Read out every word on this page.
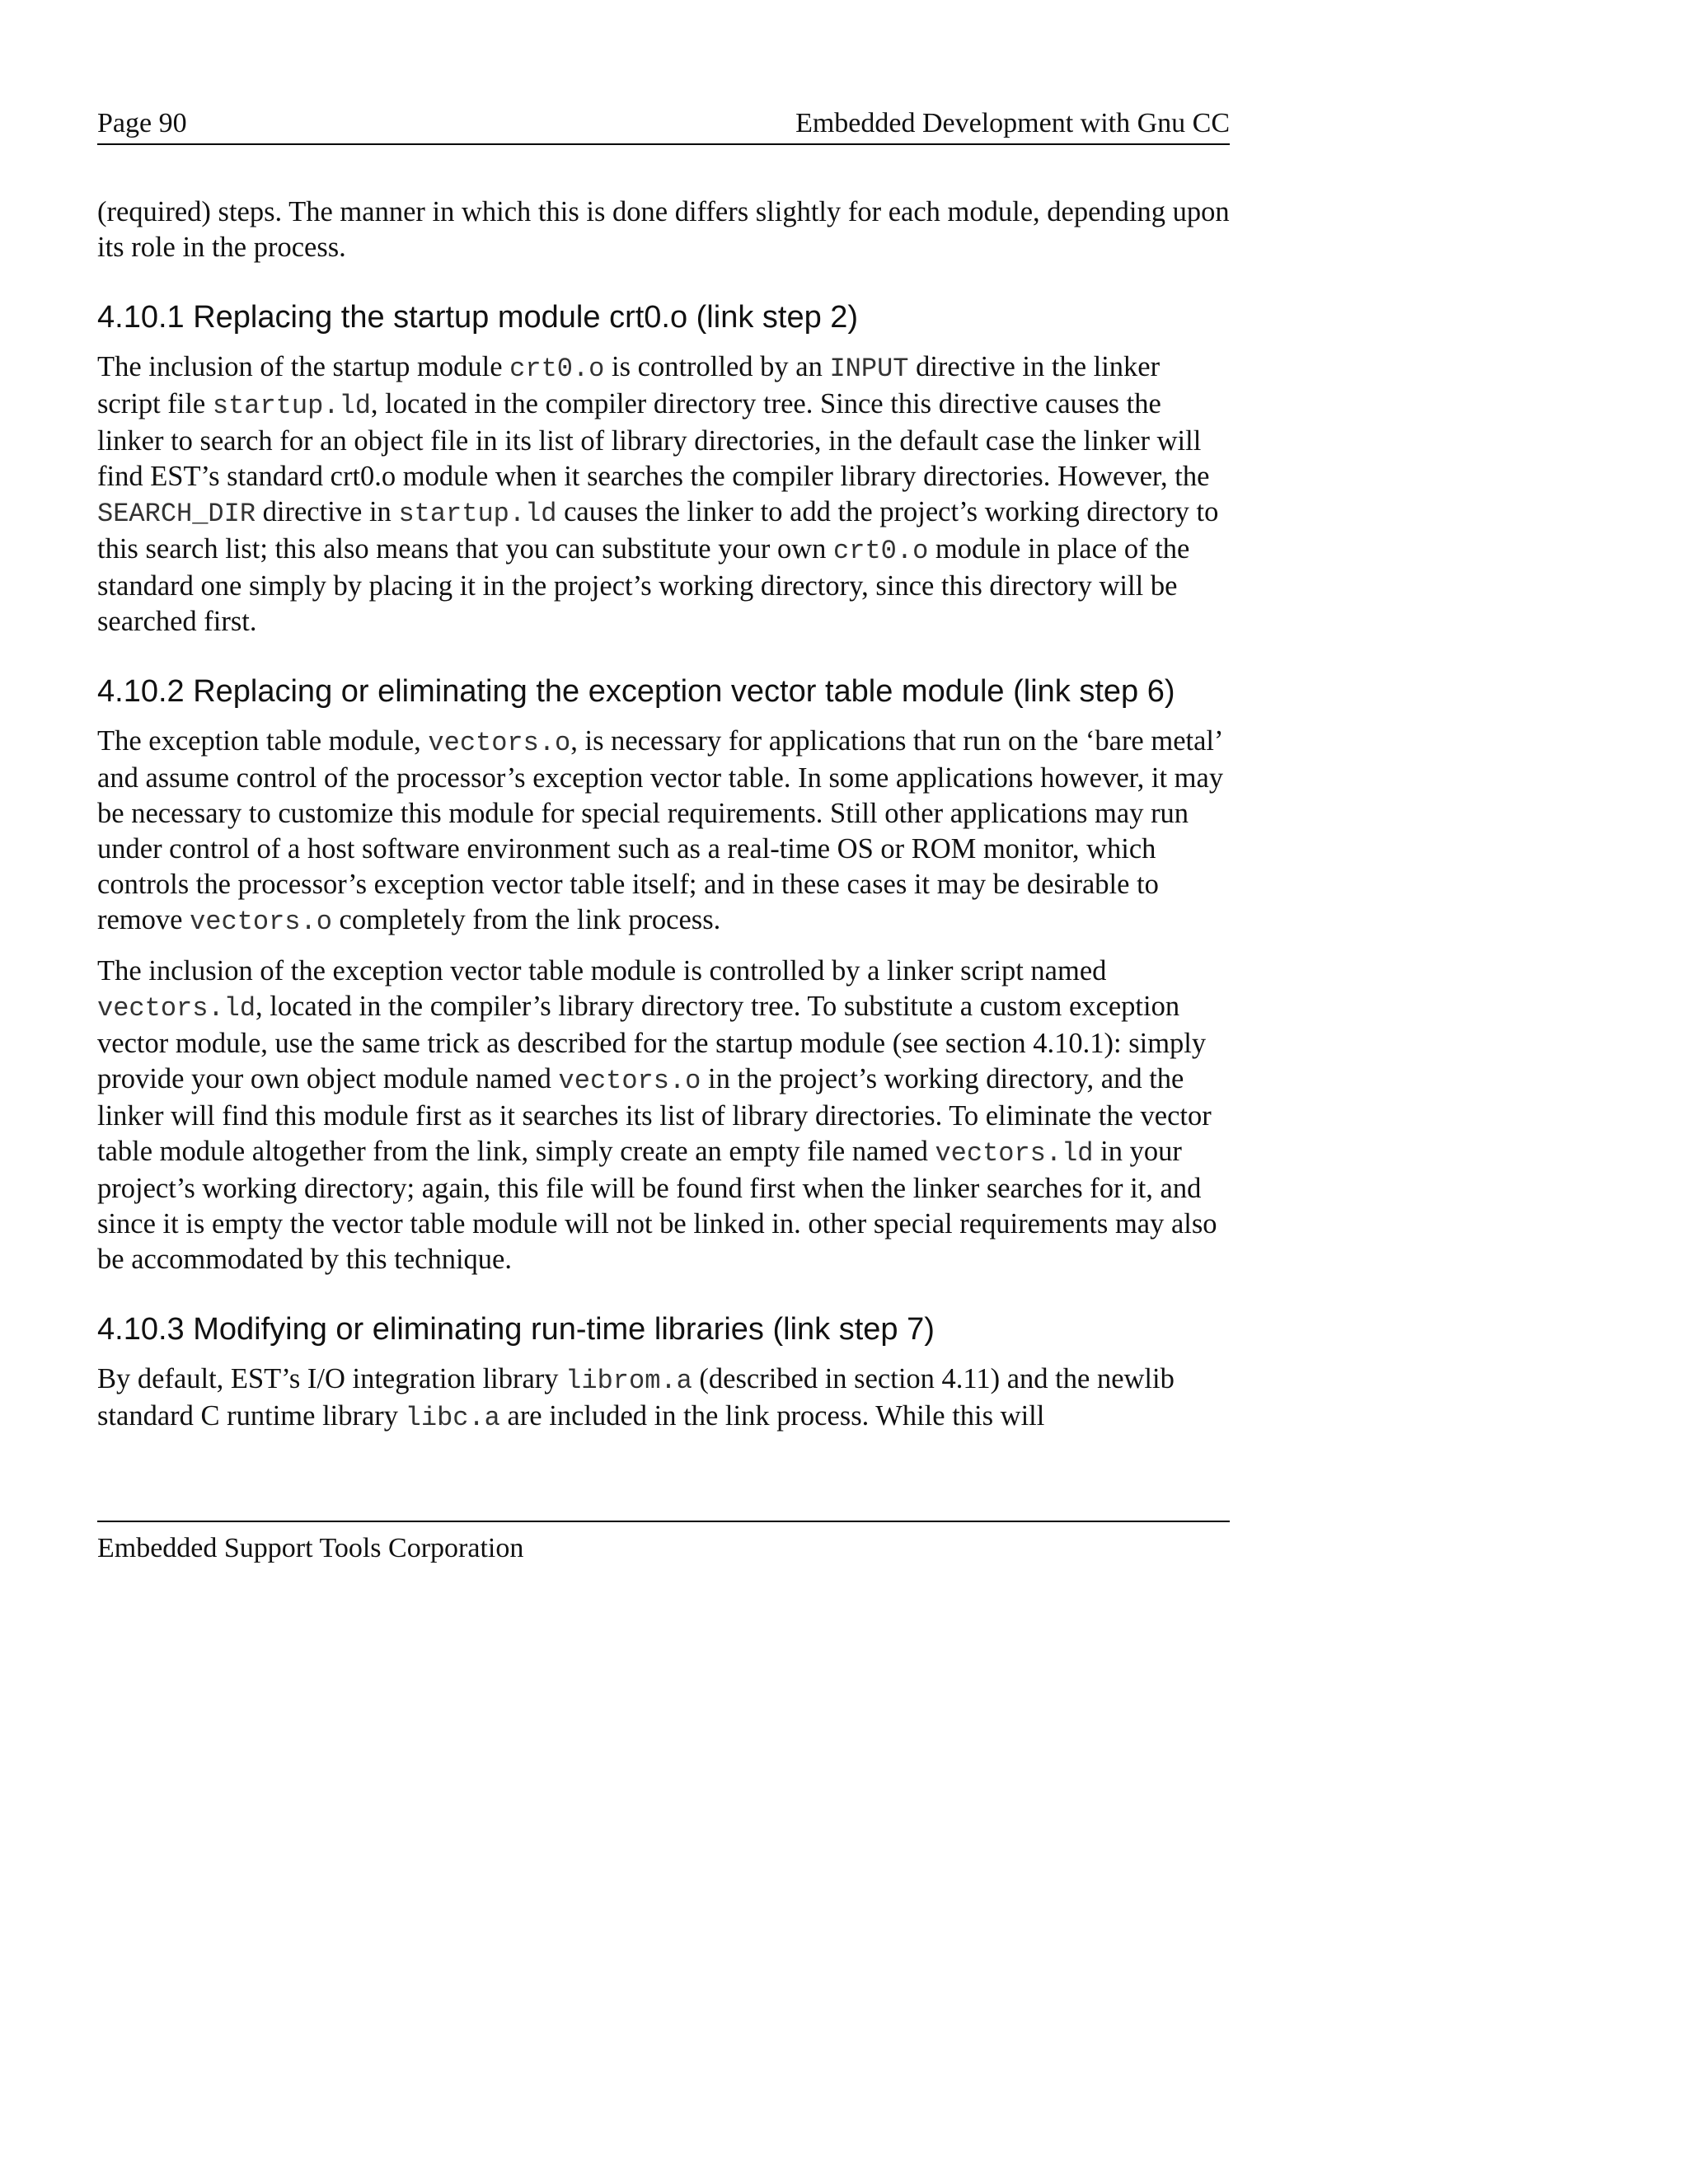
Page 90	Embedded Development with Gnu CC

(required) steps. The manner in which this is done differs slightly for each module, depending upon its role in the process.

4.10.1 Replacing the startup module crt0.o (link step 2)

The inclusion of the startup module crt0.o is controlled by an INPUT directive in the linker script file startup.ld, located in the compiler directory tree. Since this directive causes the linker to search for an object file in its list of library directories, in the default case the linker will find EST’s standard crt0.o module when it searches the compiler library directories. However, the SEARCH_DIR directive in startup.ld causes the linker to add the project’s working directory to this search list; this also means that you can substitute your own crt0.o module in place of the standard one simply by placing it in the project’s working directory, since this directory will be searched first.

4.10.2 Replacing or eliminating the exception vector table module (link step 6)

The exception table module, vectors.o, is necessary for applications that run on the ‘bare metal’ and assume control of the processor’s exception vector table. In some applications however, it may be necessary to customize this module for special requirements. Still other applications may run under control of a host software environment such as a real-time OS or ROM monitor, which controls the processor’s exception vector table itself; and in these cases it may be desirable to remove vectors.o completely from the link process.

The inclusion of the exception vector table module is controlled by a linker script named vectors.ld, located in the compiler’s library directory tree. To substitute a custom exception vector module, use the same trick as described for the startup module (see section 4.10.1): simply provide your own object module named vectors.o in the project’s working directory, and the linker will find this module first as it searches its list of library directories. To eliminate the vector table module altogether from the link, simply create an empty file named vectors.ld in your project’s working directory; again, this file will be found first when the linker searches for it, and since it is empty the vector table module will not be linked in. other special requirements may also be accommodated by this technique.

4.10.3 Modifying or eliminating run-time libraries (link step 7)

By default, EST’s I/O integration library librom.a (described in section 4.11) and the newlib standard C runtime library libc.a are included in the link process. While this will

Embedded Support Tools Corporation
